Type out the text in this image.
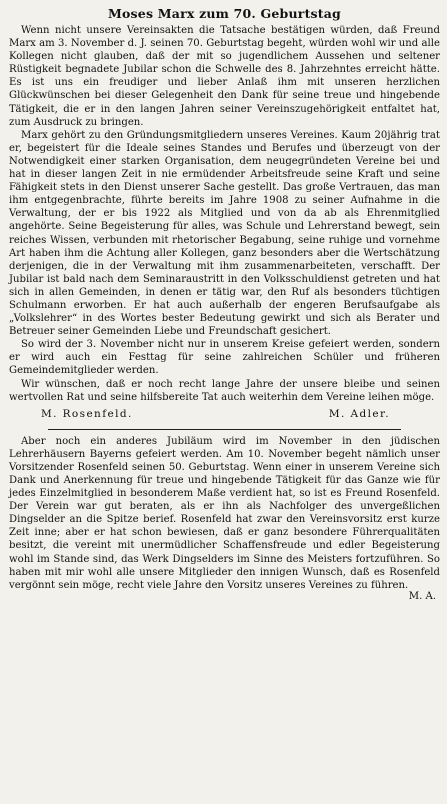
Moses Marx zum 70. Geburtstag

Wenn nicht unsere Vereinsakten die Tatsache bestätigen würden, daß Freund Marx am 3. November d. J. seinen 70. Geburtstag begeht, würden wohl wir und alle Kollegen nicht glauben, daß der mit so jugendlichem Aussehen und seltener Rüstigkeit begnadete Jubilar schon die Schwelle des 8. Jahrzehntes erreicht hätte. Es ist uns ein freudiger und lieber Anlaß ihm mit unseren herzlichen Glückwünschen bei dieser Gelegenheit den Dank für seine treue und hingebende Tätigkeit, die er in den langen Jahren seiner Vereinszugehörigkeit entfaltet hat, zum Ausdruck zu bringen.

Marx gehört zu den Gründungsmitgliedern unseres Vereines. Kaum 20jährig trat er, begeistert für die Ideale seines Standes und Berufes und überzeugt von der Notwendigkeit einer starken Organisation, dem neugegründeten Vereine bei und hat in dieser langen Zeit in nie ermüdender Arbeitsfreude seine Kraft und seine Fähigkeit stets in den Dienst unserer Sache gestellt. Das große Vertrauen, das man ihm entgegenbrachte, führte bereits im Jahre 1908 zu seiner Aufnahme in die Verwaltung, der er bis 1922 als Mitglied und von da ab als Ehrenmitglied angehörte. Seine Begeisterung für alles, was Schule und Lehrerstand bewegt, sein reiches Wissen, verbunden mit rhetorischer Begabung, seine ruhige und vornehme Art haben ihm die Achtung aller Kollegen, ganz besonders aber die Wertschätzung derjenigen, die in der Verwaltung mit ihm zusammenarbeiteten, verschafft. Der Jubilar ist bald nach dem Seminaraustritt in den Volksschuldienst getreten und hat sich in allen Gemeinden, in denen er tätig war, den Ruf als besonders tüchtigen Schulmann erworben. Er hat auch außerhalb der engeren Berufsaufgabe als „Volkslehrer“ in des Wortes bester Bedeutung gewirkt und sich als Berater und Betreuer seiner Gemeinden Liebe und Freundschaft gesichert.

So wird der 3. November nicht nur in unserem Kreise gefeiert werden, sondern er wird auch ein Festtag für seine zahlreichen Schüler und früheren Gemeindemitglieder werden.

Wir wünschen, daß er noch recht lange Jahre der unsere bleibe und seinen wertvollen Rat und seine hilfsbereite Tat auch weiterhin dem Vereine leihen möge.

M. Rosenfeld.	M. Adler.

Aber noch ein anderes Jubiläum wird im November in den jüdischen Lehrerhäusern Bayerns gefeiert werden. Am 10. November begeht nämlich unser Vorsitzender Rosenfeld seinen 50. Geburtstag. Wenn einer in unserem Vereine sich Dank und Anerkennung für treue und hingebende Tätigkeit für das Ganze wie für jedes Einzelmitglied in besonderem Maße verdient hat, so ist es Freund Rosenfeld. Der Verein war gut beraten, als er ihn als Nachfolger des unvergeßlichen Dingselder an die Spitze berief. Rosenfeld hat zwar den Vereinsvorsitz erst kurze Zeit inne; aber er hat schon bewiesen, daß er ganz besondere Führerqualitäten besitzt, die vereint mit unermüdlicher Schaffensfreude und edler Begeisterung wohl im Stande sind, das Werk Dingselders im Sinne des Meisters fortzuführen. So haben mit mir wohl alle unsere Mitglieder den innigen Wunsch, daß es Rosenfeld vergönnt sein möge, recht viele Jahre den Vorsitz unseres Vereines zu führen.

M. A.
